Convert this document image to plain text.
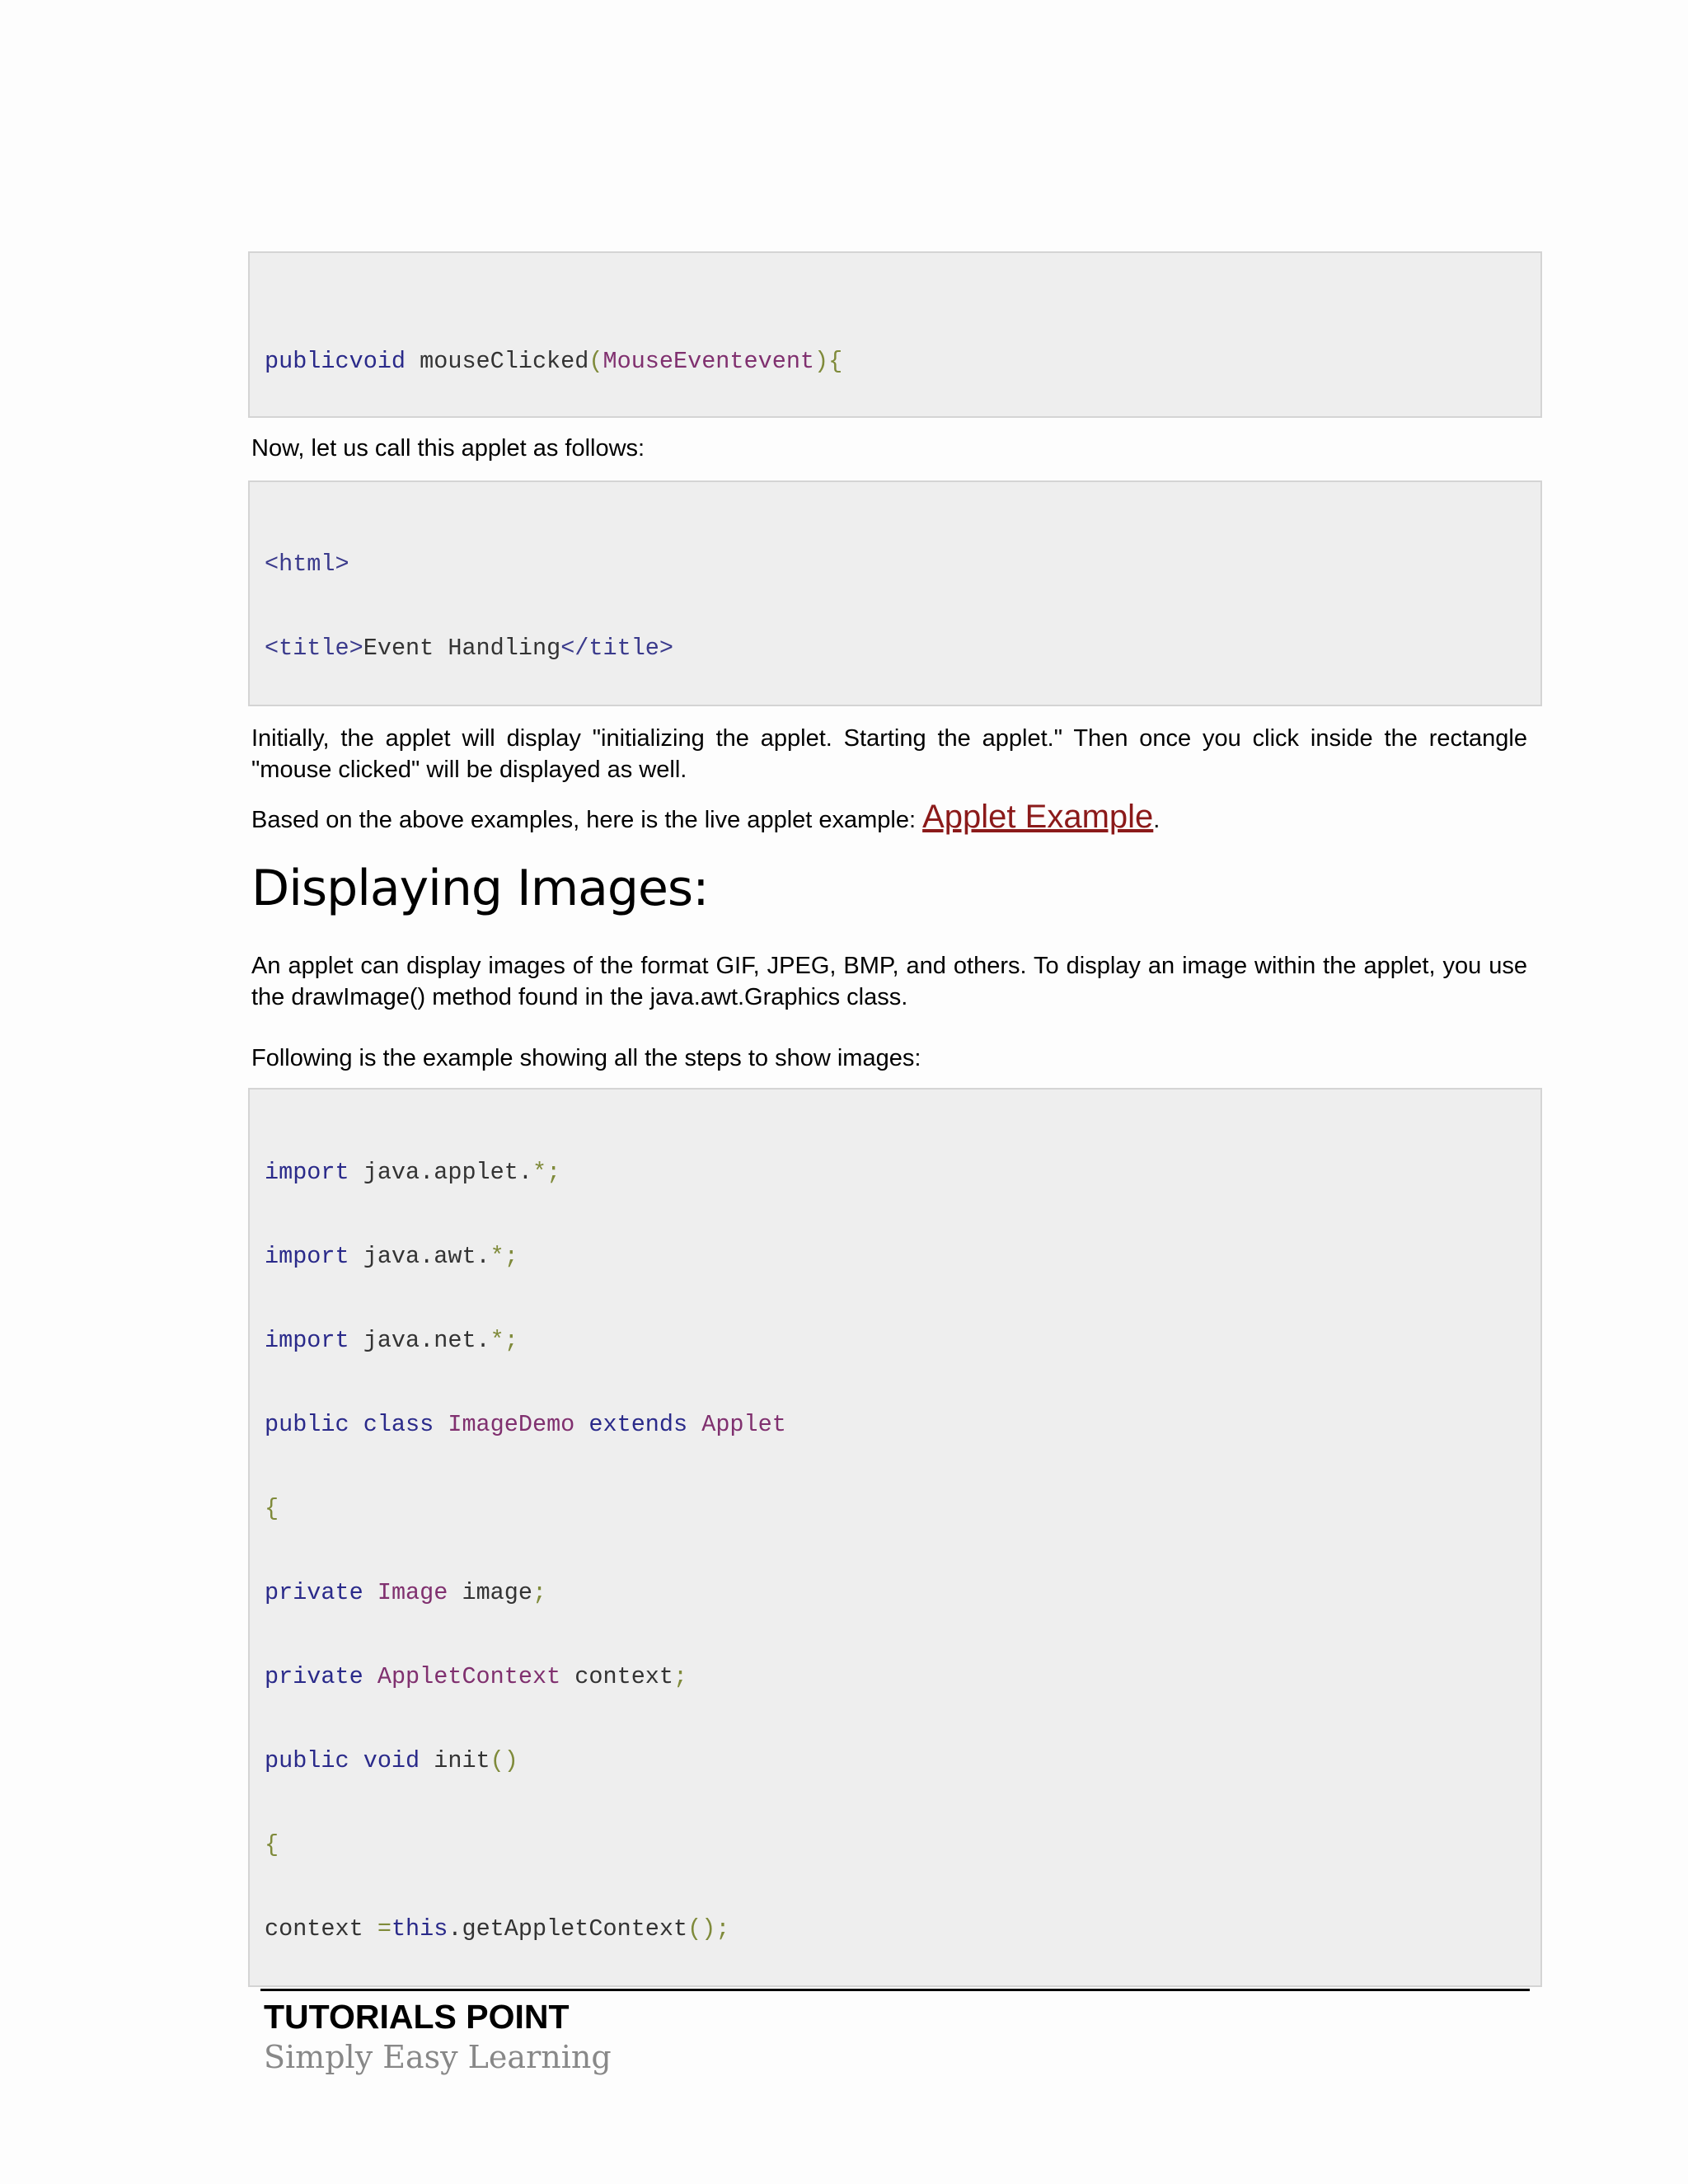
publicvoid mouseClicked(MouseEventevent){

Now, let us call this applet as follows:

<html>

<title>Event Handling</title>

Initially, the applet will display "initializing the applet. Starting the applet." Then once you click inside the rectangle "mouse clicked" will be displayed as well.
Based on the above examples, here is the live applet example: Applet Example.
Displaying Images:
An applet can display images of the format GIF, JPEG, BMP, and others. To display an image within the applet, you use the drawImage() method found in the java.awt.Graphics class.
Following is the example showing all the steps to show images:

import java.applet.*;

import java.awt.*;

import java.net.*;

public class ImageDemo extends Applet

{

private Image image;

private AppletContext context;

public void init()

{

context =this.getAppletContext();

TUTORIALS POINT
Simply Easy Learning
